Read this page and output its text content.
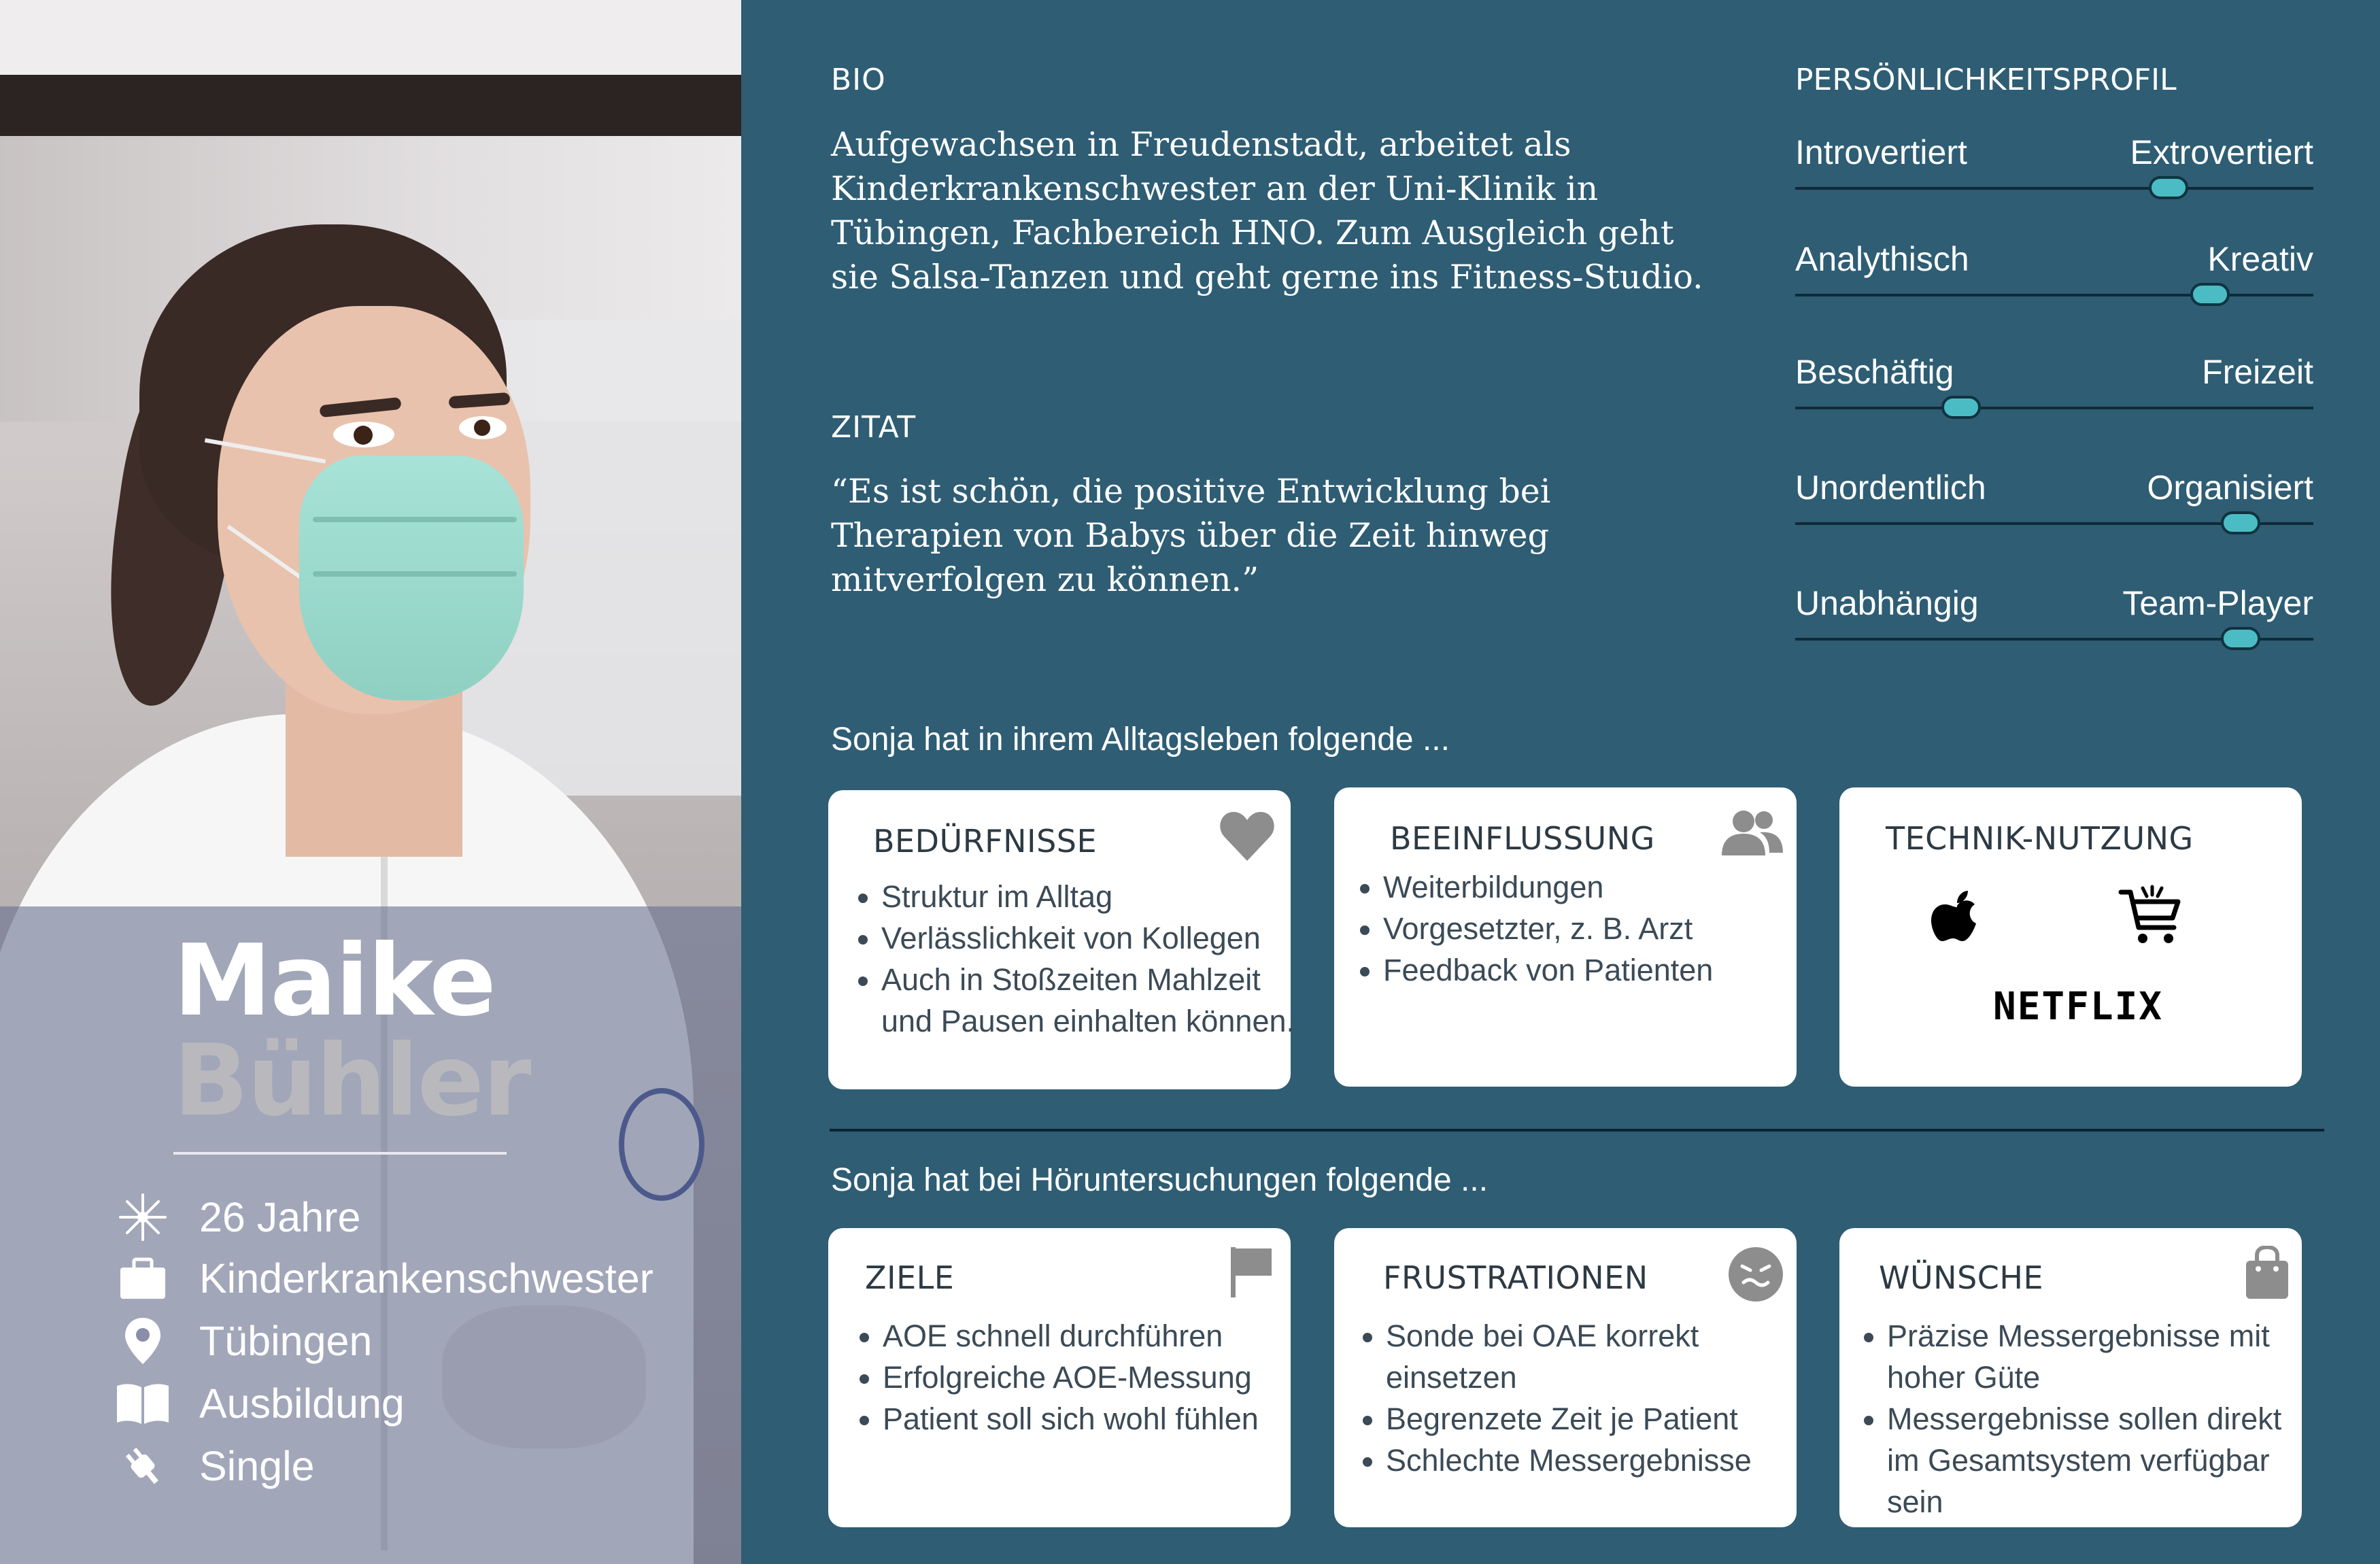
Maike
Bühler
26 Jahre
Kinderkrankenschwester
Tübingen
Ausbildung
Single
BIO
Aufgewachsen in Freudenstadt, arbeitet als Kinderkrankenschwester an der Uni-Klinik in Tübingen, Fachbereich HNO. Zum Ausgleich geht sie Salsa-Tanzen und geht gerne ins Fitness-Studio.
ZITAT
“Es ist schön, die positive Entwicklung bei Therapien von Babys über die Zeit hinweg mitverfolgen zu können.”
PERSÖNLICHKEITSPROFIL
Introvertiert	Extrovertiert
Analythisch	Kreativ
Beschäftig	Freizeit
Unordentlich	Organisiert
Unabhängig	Team-Player
Sonja hat in ihrem Alltagsleben folgende ...
BEDÜRFNISSE
• Struktur im Alltag
• Verlässlichkeit von Kollegen
• Auch in Stoßzeiten Mahlzeit und Pausen einhalten können.
BEEINFLUSSUNG
• Weiterbildungen
• Vorgesetzter, z. B. Arzt
• Feedback von Patienten
TECHNIK-NUTZUNG
NETFLIX
Sonja hat bei Höruntersuchungen folgende ...
ZIELE
• AOE schnell durchführen
• Erfolgreiche AOE-Messung
• Patient soll sich wohl fühlen
FRUSTRATIONEN
• Sonde bei OAE korrekt einsetzen
• Begrenzete Zeit je Patient
• Schlechte Messergebnisse
WÜNSCHE
• Präzise Messergebnisse mit hoher Güte
• Messergebnisse sollen direkt im Gesamtsystem verfügbar sein
